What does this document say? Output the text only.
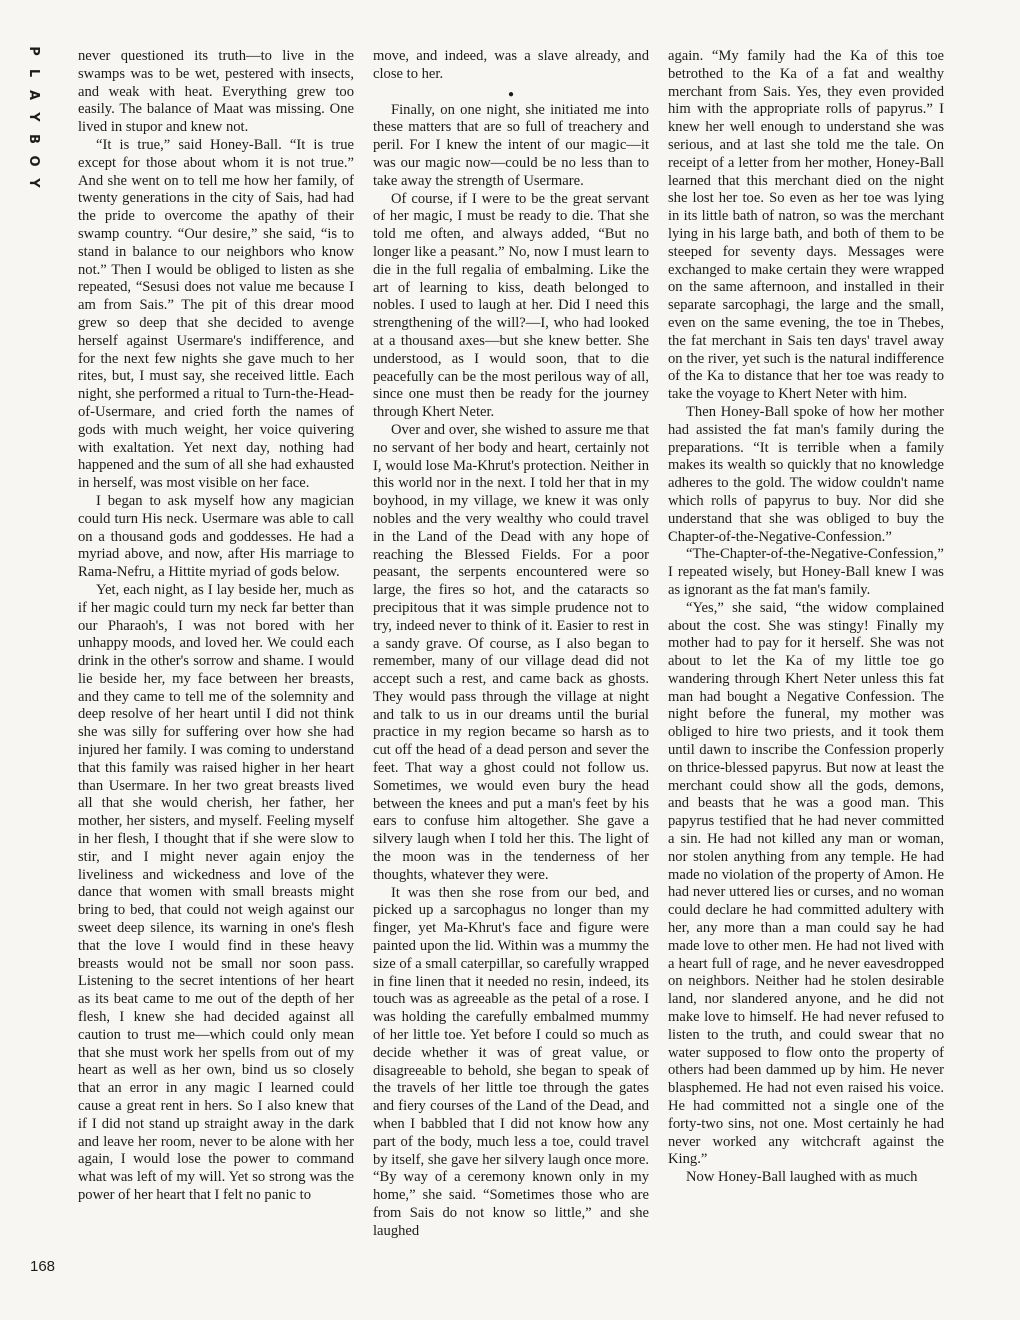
P
L
A
Y
B
O
Y

never questioned its truth—to live in the swamps was to be wet, pestered with insects, and weak with heat. Everything grew too easily. The balance of Maat was missing. One lived in stupor and knew not.

“It is true,” said Honey-Ball. “It is true except for those about whom it is not true.” And she went on to tell me how her family, of twenty generations in the city of Sais, had had the pride to overcome the apathy of their swamp country. “Our desire,” she said, “is to stand in balance to our neighbors who know not.” Then I would be obliged to listen as she repeated, “Sesusi does not value me because I am from Sais.” The pit of this drear mood grew so deep that she decided to avenge herself against Usermare's indifference, and for the next few nights she gave much to her rites, but, I must say, she received little. Each night, she performed a ritual to Turn-the-Head-of-Usermare, and cried forth the names of gods with much weight, her voice quivering with exaltation. Yet next day, nothing had happened and the sum of all she had exhausted in herself, was most visible on her face.

I began to ask myself how any magician could turn His neck. Usermare was able to call on a thousand gods and goddesses. He had a myriad above, and now, after His marriage to Rama-Nefru, a Hittite myriad of gods below.

Yet, each night, as I lay beside her, much as if her magic could turn my neck far better than our Pharaoh's, I was not bored with her unhappy moods, and loved her. We could each drink in the other's sorrow and shame. I would lie beside her, my face between her breasts, and they came to tell me of the solemnity and deep resolve of her heart until I did not think she was silly for suffering over how she had injured her family. I was coming to understand that this family was raised higher in her heart than Usermare. In her two great breasts lived all that she would cherish, her father, her mother, her sisters, and myself. Feeling myself in her flesh, I thought that if she were slow to stir, and I might never again enjoy the liveliness and wickedness and love of the dance that women with small breasts might bring to bed, that could not weigh against our sweet deep silence, its warning in one's flesh that the love I would find in these heavy breasts would not be small nor soon pass. Listening to the secret intentions of her heart as its beat came to me out of the depth of her flesh, I knew she had decided against all caution to trust me—which could only mean that she must work her spells from out of my heart as well as her own, bind us so closely that an error in any magic I learned could cause a great rent in hers. So I also knew that if I did not stand up straight away in the dark and leave her room, never to be alone with her again, I would lose the power to command what was left of my will. Yet so strong was the power of her heart that I felt no panic to

move, and indeed, was a slave already, and close to her.

●

Finally, on one night, she initiated me into these matters that are so full of treachery and peril. For I knew the intent of our magic—it was our magic now—could be no less than to take away the strength of Usermare.

Of course, if I were to be the great servant of her magic, I must be ready to die. That she told me often, and always added, “But no longer like a peasant.” No, now I must learn to die in the full regalia of embalming. Like the art of learning to kiss, death belonged to nobles. I used to laugh at her. Did I need this strengthening of the will?—I, who had looked at a thousand axes—but she knew better. She understood, as I would soon, that to die peacefully can be the most perilous way of all, since one must then be ready for the journey through Khert Neter.

Over and over, she wished to assure me that no servant of her body and heart, certainly not I, would lose Ma-Khrut's protection. Neither in this world nor in the next. I told her that in my boyhood, in my village, we knew it was only nobles and the very wealthy who could travel in the Land of the Dead with any hope of reaching the Blessed Fields. For a poor peasant, the serpents encountered were so large, the fires so hot, and the cataracts so precipitous that it was simple prudence not to try, indeed never to think of it. Easier to rest in a sandy grave. Of course, as I also began to remember, many of our village dead did not accept such a rest, and came back as ghosts. They would pass through the village at night and talk to us in our dreams until the burial practice in my region became so harsh as to cut off the head of a dead person and sever the feet. That way a ghost could not follow us. Sometimes, we would even bury the head between the knees and put a man's feet by his ears to confuse him altogether. She gave a silvery laugh when I told her this. The light of the moon was in the tenderness of her thoughts, whatever they were.

It was then she rose from our bed, and picked up a sarcophagus no longer than my finger, yet Ma-Khrut's face and figure were painted upon the lid. Within was a mummy the size of a small caterpillar, so carefully wrapped in fine linen that it needed no resin, indeed, its touch was as agreeable as the petal of a rose. I was holding the carefully embalmed mummy of her little toe. Yet before I could so much as decide whether it was of great value, or disagreeable to behold, she began to speak of the travels of her little toe through the gates and fiery courses of the Land of the Dead, and when I babbled that I did not know how any part of the body, much less a toe, could travel by itself, she gave her silvery laugh once more. “By way of a ceremony known only in my home,” she said. “Sometimes those who are from Sais do not know so little,” and she laughed

again. “My family had the Ka of this toe betrothed to the Ka of a fat and wealthy merchant from Sais. Yes, they even provided him with the appropriate rolls of papyrus.” I knew her well enough to understand she was serious, and at last she told me the tale. On receipt of a letter from her mother, Honey-Ball learned that this merchant died on the night she lost her toe. So even as her toe was lying in its little bath of natron, so was the merchant lying in his large bath, and both of them to be steeped for seventy days. Messages were exchanged to make certain they were wrapped on the same afternoon, and installed in their separate sarcophagi, the large and the small, even on the same evening, the toe in Thebes, the fat merchant in Sais ten days' travel away on the river, yet such is the natural indifference of the Ka to distance that her toe was ready to take the voyage to Khert Neter with him.

Then Honey-Ball spoke of how her mother had assisted the fat man's family during the preparations. “It is terrible when a family makes its wealth so quickly that no knowledge adheres to the gold. The widow couldn't name which rolls of papyrus to buy. Nor did she understand that she was obliged to buy the Chapter-of-the-Negative-Confession.”

“The-Chapter-of-the-Negative-Confession,” I repeated wisely, but Honey-Ball knew I was as ignorant as the fat man's family.

“Yes,” she said, “the widow complained about the cost. She was stingy! Finally my mother had to pay for it herself. She was not about to let the Ka of my little toe go wandering through Khert Neter unless this fat man had bought a Negative Confession. The night before the funeral, my mother was obliged to hire two priests, and it took them until dawn to inscribe the Confession properly on thrice-blessed papyrus. But now at least the merchant could show all the gods, demons, and beasts that he was a good man. This papyrus testified that he had never committed a sin. He had not killed any man or woman, nor stolen anything from any temple. He had made no violation of the property of Amon. He had never uttered lies or curses, and no woman could declare he had committed adultery with her, any more than a man could say he had made love to other men. He had not lived with a heart full of rage, and he never eavesdropped on neighbors. Neither had he stolen desirable land, nor slandered anyone, and he did not make love to himself. He had never refused to listen to the truth, and could swear that no water supposed to flow onto the property of others had been dammed up by him. He never blasphemed. He had not even raised his voice. He had committed not a single one of the forty-two sins, not one. Most certainly he had never worked any witchcraft against the King.”

Now Honey-Ball laughed with as much

168
